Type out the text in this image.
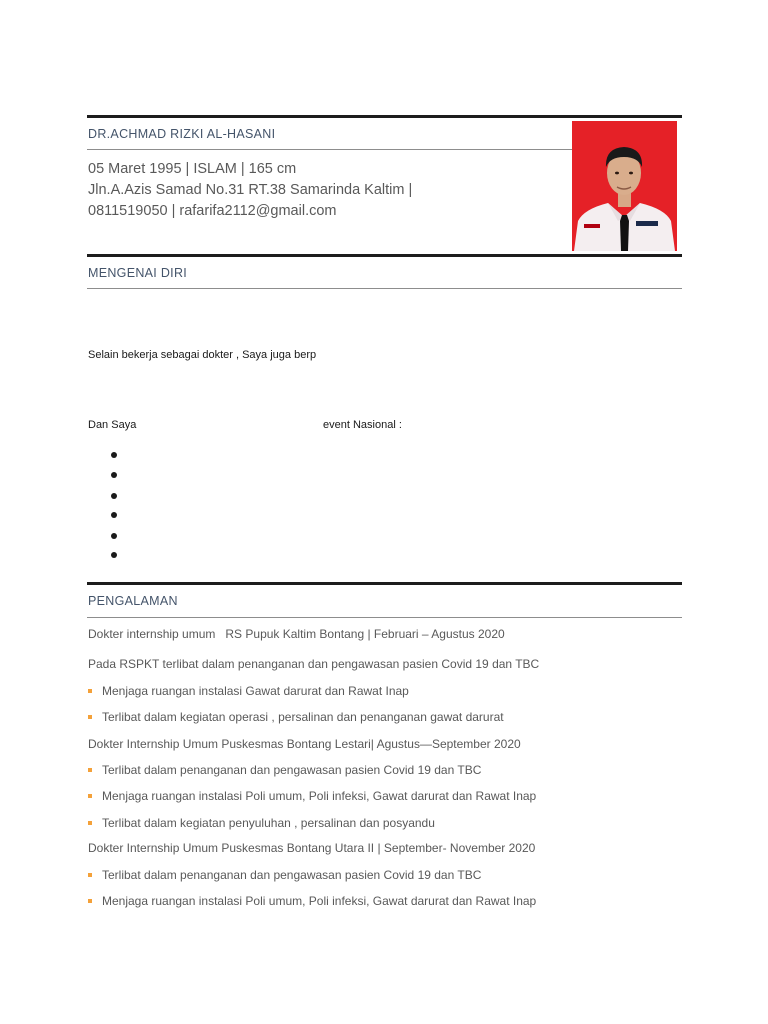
DR.ACHMAD RIZKI AL-HASANI
05 Maret 1995 | ISLAM | 165 cm
Jln.A.Azis Samad No.31 RT.38 Samarinda Kaltim |
0811519050 | rafarifa2112@gmail.com
MENGENAI DIRI
Selain bekerja sebagai dokter , Saya juga berp
Dan Saya	event Nasional :
PENGALAMAN
Dokter internship umum   RS Pupuk Kaltim Bontang | Februari – Agustus 2020
Pada RSPKT terlibat dalam penanganan dan pengawasan pasien Covid 19 dan TBC
Menjaga ruangan instalasi Gawat darurat dan Rawat Inap
Terlibat dalam kegiatan operasi , persalinan dan penanganan gawat darurat
Dokter Internship Umum Puskesmas Bontang Lestari| Agustus—September 2020
Terlibat dalam penanganan dan pengawasan pasien Covid 19 dan TBC
Menjaga ruangan instalasi Poli umum, Poli infeksi, Gawat darurat dan Rawat Inap
Terlibat dalam kegiatan penyuluhan , persalinan dan posyandu
Dokter Internship Umum Puskesmas Bontang Utara II | September- November 2020
Terlibat dalam penanganan dan pengawasan pasien Covid 19 dan TBC
Menjaga ruangan instalasi Poli umum, Poli infeksi, Gawat darurat dan Rawat Inap
